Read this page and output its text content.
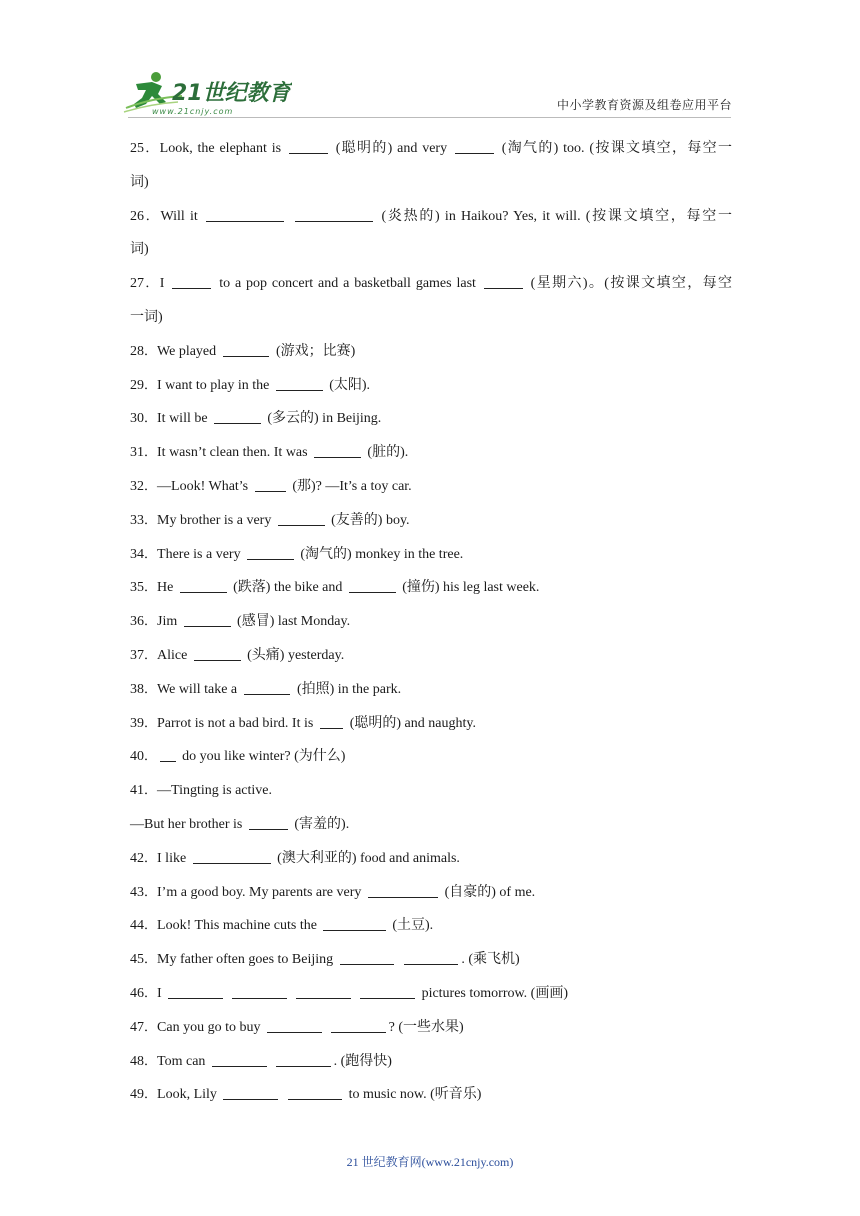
21世纪教育
www.21cnjy.com	中小学教育资源及组卷应用平台
25．Look, the elephant is	(聪明的) and very	(淘气的) too. (按课文填空，每空一
词)
26．Will it	(炎热的) in Haikou? Yes, it will. (按课文填空，每空一
词)
27．I	to a pop concert and a basketball games last	(星期六)。(按课文填空，每空
一词)
28．We played	(游戏；比赛)
29．I want to play in the	(太阳).
30．It will be	(多云的) in Beijing.
31．It wasn’t clean then. It was	(脏的).
32．—Look! What’s	(那)? —It’s a toy car.
33．My brother is a very	(友善的) boy.
34．There is a very	(淘气的) monkey in the tree.
35．He	(跌落) the bike and	(撞伤) his leg last week.
36．Jim	(感冒) last Monday.
37．Alice	(头痛) yesterday.
38．We will take a	(拍照) in the park.
39．Parrot is not a bad bird. It is  (聪明的) and naughty.
40． do you like winter? (为什么)
41．—Tingting is active.
—But her brother is	(害羞的).
42．I like	(澳大利亚的) food and animals.
43．I’m a good boy. My parents are very	(自豪的) of me.
44．Look! This machine cuts the	(土豆).
45．My father often goes to Beijing	. (乘飞机)
46．I	pictures tomorrow. (画画)
47．Can you go to buy	? (一些水果)
48．Tom can	. (跑得快)
49．Look, Lily	to music now. (听音乐)
21 世纪教育网(www.21cnjy.com)
